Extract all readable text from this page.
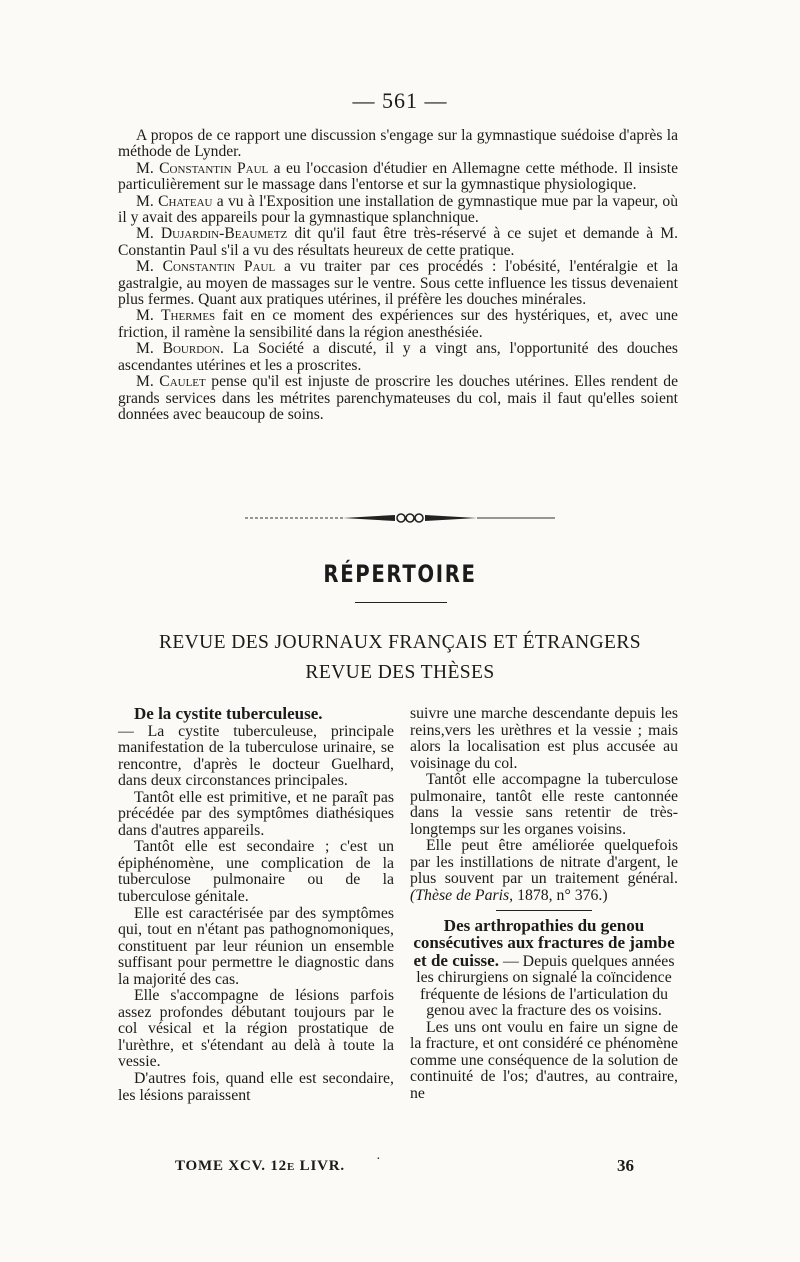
— 561 —

A propos de ce rapport une discussion s'engage sur la gymnastique suédoise d'après la méthode de Lynder.

M. Constantin Paul a eu l'occasion d'étudier en Allemagne cette méthode. Il insiste particulièrement sur le massage dans l'entorse et sur la gymnastique physiologique.

M. Chateau a vu à l'Exposition une installation de gymnastique mue par la vapeur, où il y avait des appareils pour la gymnastique splanchnique.

M. Dujardin-Beaumetz dit qu'il faut être très-réservé à ce sujet et demande à M. Constantin Paul s'il a vu des résultats heureux de cette pratique.

M. Constantin Paul a vu traiter par ces procédés : l'obésité, l'entéralgie et la gastralgie, au moyen de massages sur le ventre. Sous cette influence les tissus devenaient plus fermes. Quant aux pratiques utérines, il préfère les douches minérales.

M. Thermes fait en ce moment des expériences sur des hystériques, et, avec une friction, il ramène la sensibilité dans la région anesthésiée.

M. Bourdon. La Société a discuté, il y a vingt ans, l'opportunité des douches ascendantes utérines et les a proscrites.

M. Caulet pense qu'il est injuste de proscrire les douches utérines. Elles rendent de grands services dans les métrites parenchymateuses du col, mais il faut qu'elles soient données avec beaucoup de soins.

RÉPERTOIRE
REVUE DES JOURNAUX FRANÇAIS ET ÉTRANGERS
REVUE DES THÈSES

De la cystite tuberculeuse.

— La cystite tuberculeuse, principale manifestation de la tuberculose urinaire, se rencontre, d'après le docteur Guelhard, dans deux circonstances principales.

Tantôt elle est primitive, et ne paraît pas précédée par des symptômes diathésiques dans d'autres appareils.

Tantôt elle est secondaire ; c'est un épiphénomène, une complication de la tuberculose pulmonaire ou de la tuberculose génitale.

Elle est caractérisée par des symptômes qui, tout en n'étant pas pathognomoniques, constituent par leur réunion un ensemble suffisant pour permettre le diagnostic dans la majorité des cas.

Elle s'accompagne de lésions parfois assez profondes débutant toujours par le col vésical et la région prostatique de l'urèthre, et s'étendant au delà à toute la vessie.

D'autres fois, quand elle est secondaire, les lésions paraissent

suivre une marche descendante depuis les reins,vers les urèthres et la vessie ; mais alors la localisation est plus accusée au voisinage du col.

Tantôt elle accompagne la tuberculose pulmonaire, tantôt elle reste cantonnée dans la vessie sans retentir de très-longtemps sur les organes voisins.

Elle peut être améliorée quelquefois par les instillations de nitrate d'argent, le plus souvent par un traitement général. (Thèse de Paris, 1878, n° 376.)

Des arthropathies du genou consécutives aux fractures de jambe et de cuisse. — Depuis quelques années les chirurgiens on signalé la coïncidence fréquente de lésions de l'articulation du genou avec la fracture des os voisins.

Les uns ont voulu en faire un signe de la fracture, et ont considéré ce phénomène comme une conséquence de la solution de continuité de l'os; d'autres, au contraire, ne

TOME XCV. 12e LIVR. ·	36
